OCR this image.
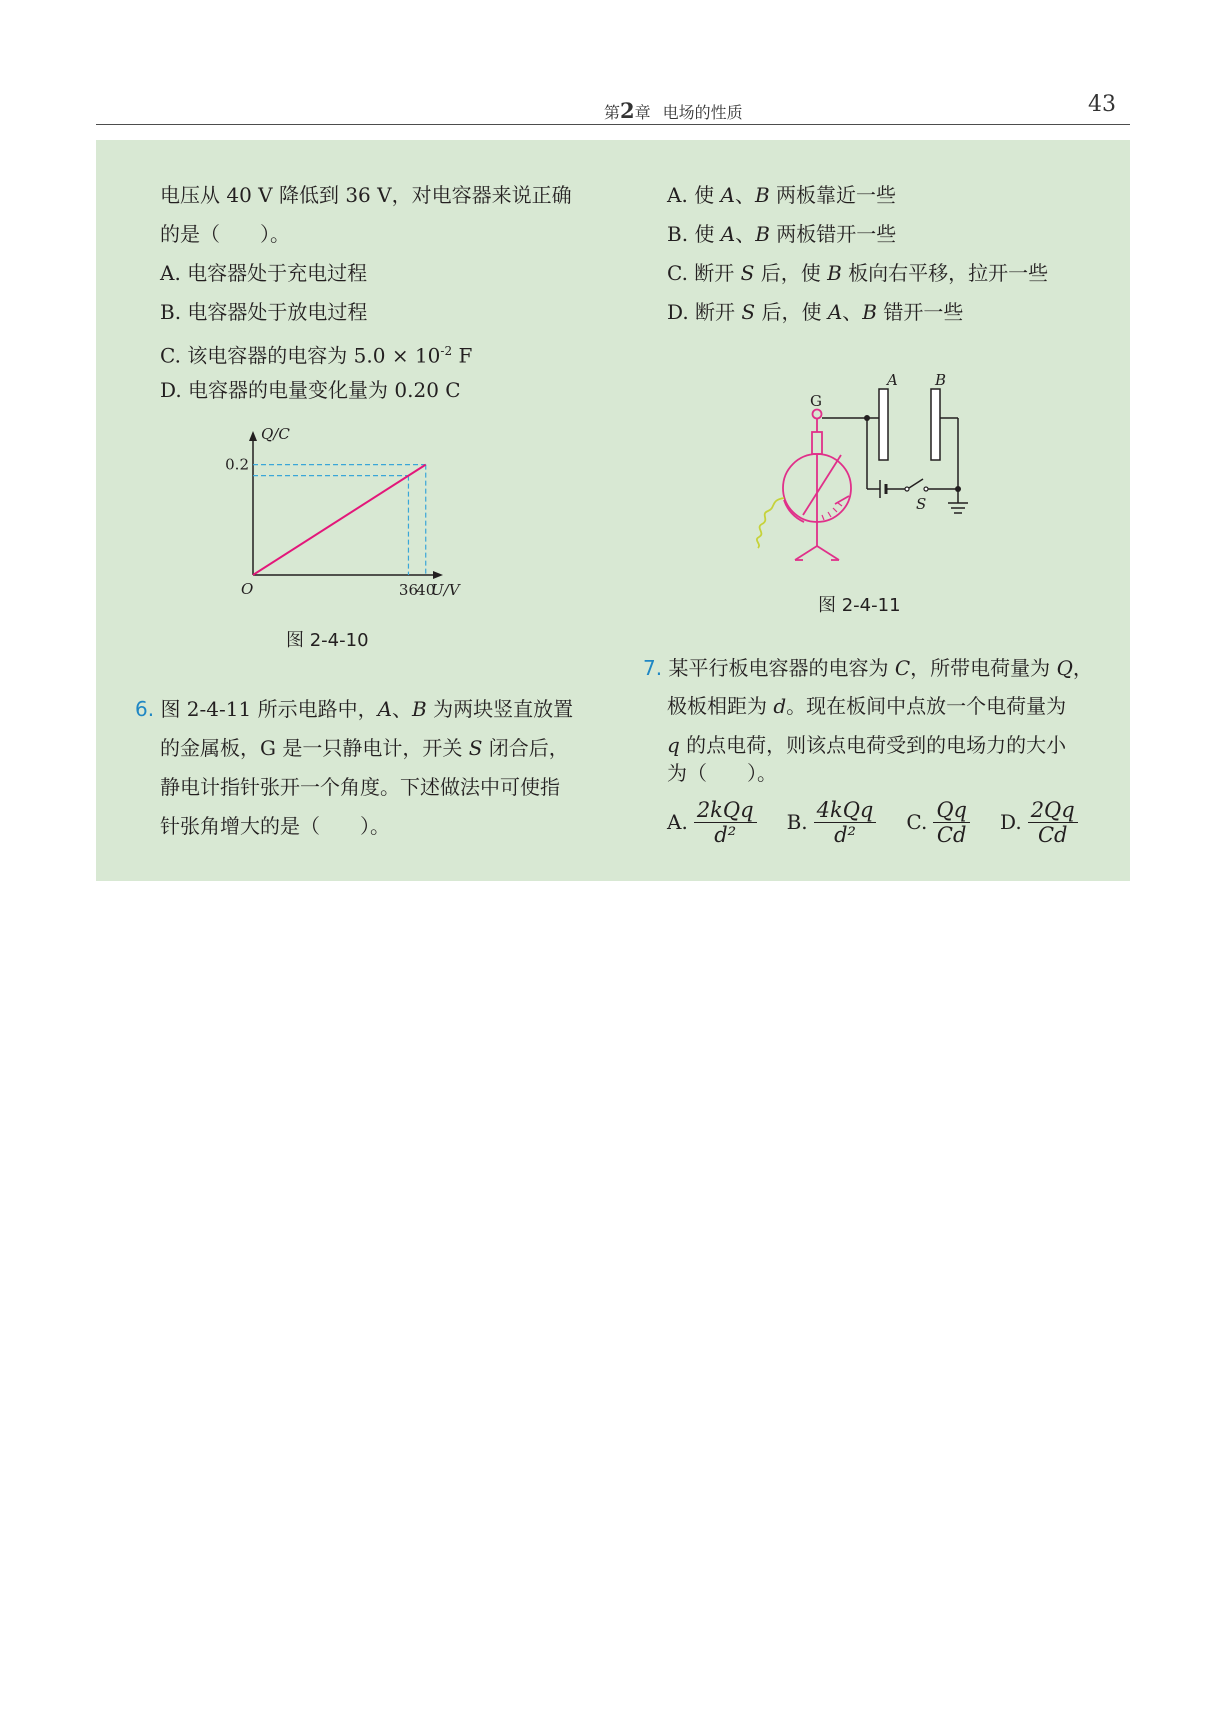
第2章 电场的性质	43
电压从 40 V 降低到 36 V，对电容器来说正确
的是（　　）。
A. 电容器处于充电过程
B. 电容器处于放电过程
C. 该电容器的电容为 $5.0 \times 10^{-2}$ F
D. 电容器的电量变化量为 0.20 C
Q/C
U/V
O	36
40
0.2
图 2-4-10
6. 图 2-4-11 所示电路中，A、B 为两块竖直放置
的金属板，G 是一只静电计，开关 S 闭合后，
静电计指针张开一个角度。下述做法中可使指
针张角增大的是（　　）。
A. 使 A、B 两板靠近一些
B. 使 A、B 两板错开一些
C. 断开 S 后，使 B 板向右平移，拉开一些
D. 断开 S 后，使 A、B 错开一些
A B
G
S
图 2-4-11
7. 某平行板电容器的电容为 C，所带电荷量为 Q，
极板相距为 d。现在板间中点放一个电荷量为
q 的点电荷，则该点电荷受到的电场力的大小
为（　　）。
A. $\frac{\text{2kQq}}{\text{d²}} B$. $\frac{\text{4kQq}}{\text{d²}} C$. $\frac{Qq}{Cd} D$. $\frac{2Qq}{Cd}$
